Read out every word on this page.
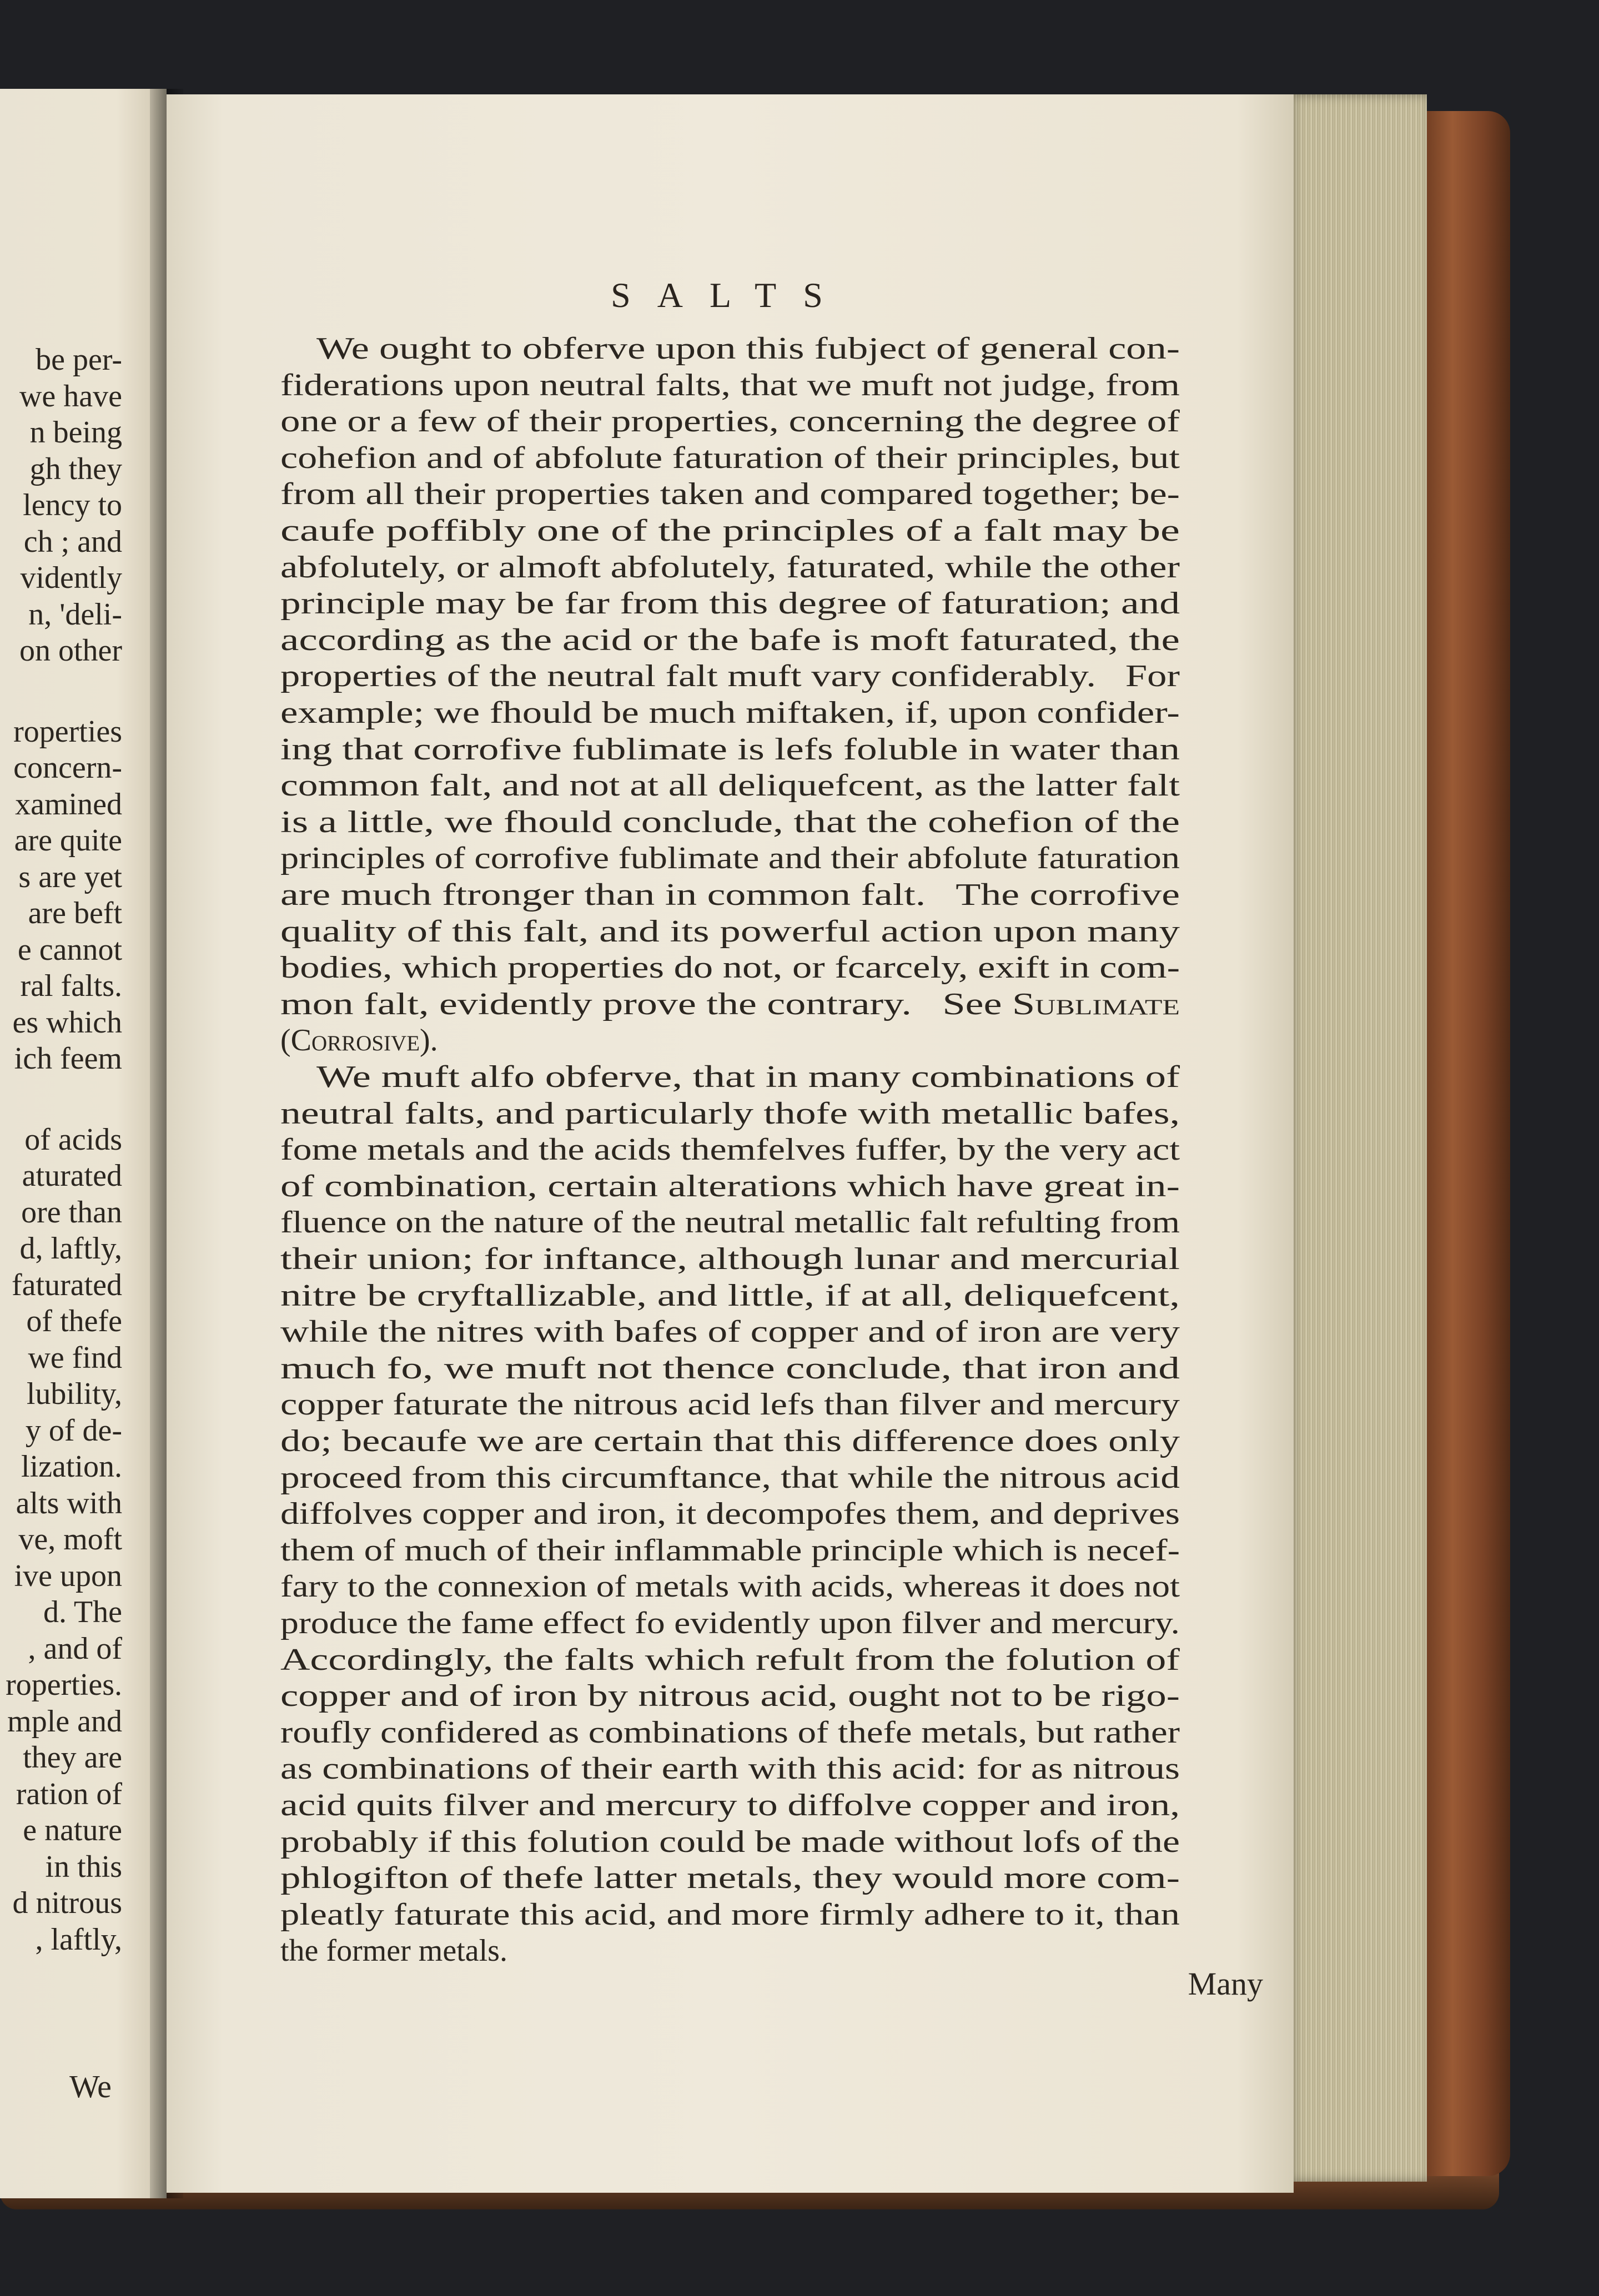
be per-
we have
n being
gh they
lency to
ch ; and
vidently
n, 'deli-
on other
roperties
concern-
xamined
are quite
s are yet
are beft
e cannot
ral falts.
es which
ich feem
of acids
aturated
ore than
d, laftly,
faturated
of thefe
we find
lubility,
y of de-
lization.
alts with
ve, moft
ive upon
d. The
, and of
roperties.
mple and
they are
ration of
e nature
in this
d nitrous
, laftly,
We
SALTS
We ought to obferve upon this fubject of general con-
fiderations upon neutral falts, that we muft not judge, from
one or a few of their properties, concerning the degree of
cohefion and of abfolute faturation of their principles, but
from all their properties taken and compared together; be-
caufe poffibly one of the principles of a falt may be
abfolutely, or almoft abfolutely, faturated, while the other
principle may be far from this degree of faturation; and
according as the acid or the bafe is moft faturated, the
properties of the neutral falt muft vary confiderably.   For
example; we fhould be much miftaken, if, upon confider-
ing that corrofive fublimate is lefs foluble in water than
common falt, and not at all deliquefcent, as the latter falt
is a little, we fhould conclude, that the cohefion of the
principles of corrofive fublimate and their abfolute faturation
are much ftronger than in common falt.   The corrofive
quality of this falt, and its powerful action upon many
bodies, which properties do not, or fcarcely, exift in com-
mon falt, evidently prove the contrary.   See Sublimate
(Corrosive).
We muft alfo obferve, that in many combinations of
neutral falts, and particularly thofe with metallic bafes,
fome metals and the acids themfelves fuffer, by the very act
of combination, certain alterations which have great in-
fluence on the nature of the neutral metallic falt refulting from
their union; for inftance, although lunar and mercurial
nitre be cryftallizable, and little, if at all, deliquefcent,
while the nitres with bafes of copper and of iron are very
much fo, we muft not thence conclude, that iron and
copper faturate the nitrous acid lefs than filver and mercury
do; becaufe we are certain that this difference does only
proceed from this circumftance, that while the nitrous acid
diffolves copper and iron, it decompofes them, and deprives
them of much of their inflammable principle which is necef-
fary to the connexion of metals with acids, whereas it does not
produce the fame effect fo evidently upon filver and mercury.
Accordingly, the falts which refult from the folution of
copper and of iron by nitrous acid, ought not to be rigo-
roufly confidered as combinations of thefe metals, but rather
as combinations of their earth with this acid: for as nitrous
acid quits filver and mercury to diffolve copper and iron,
probably if this folution could be made without lofs of the
phlogifton of thefe latter metals, they would more com-
pleatly faturate this acid, and more firmly adhere to it, than
the former metals.
Many
